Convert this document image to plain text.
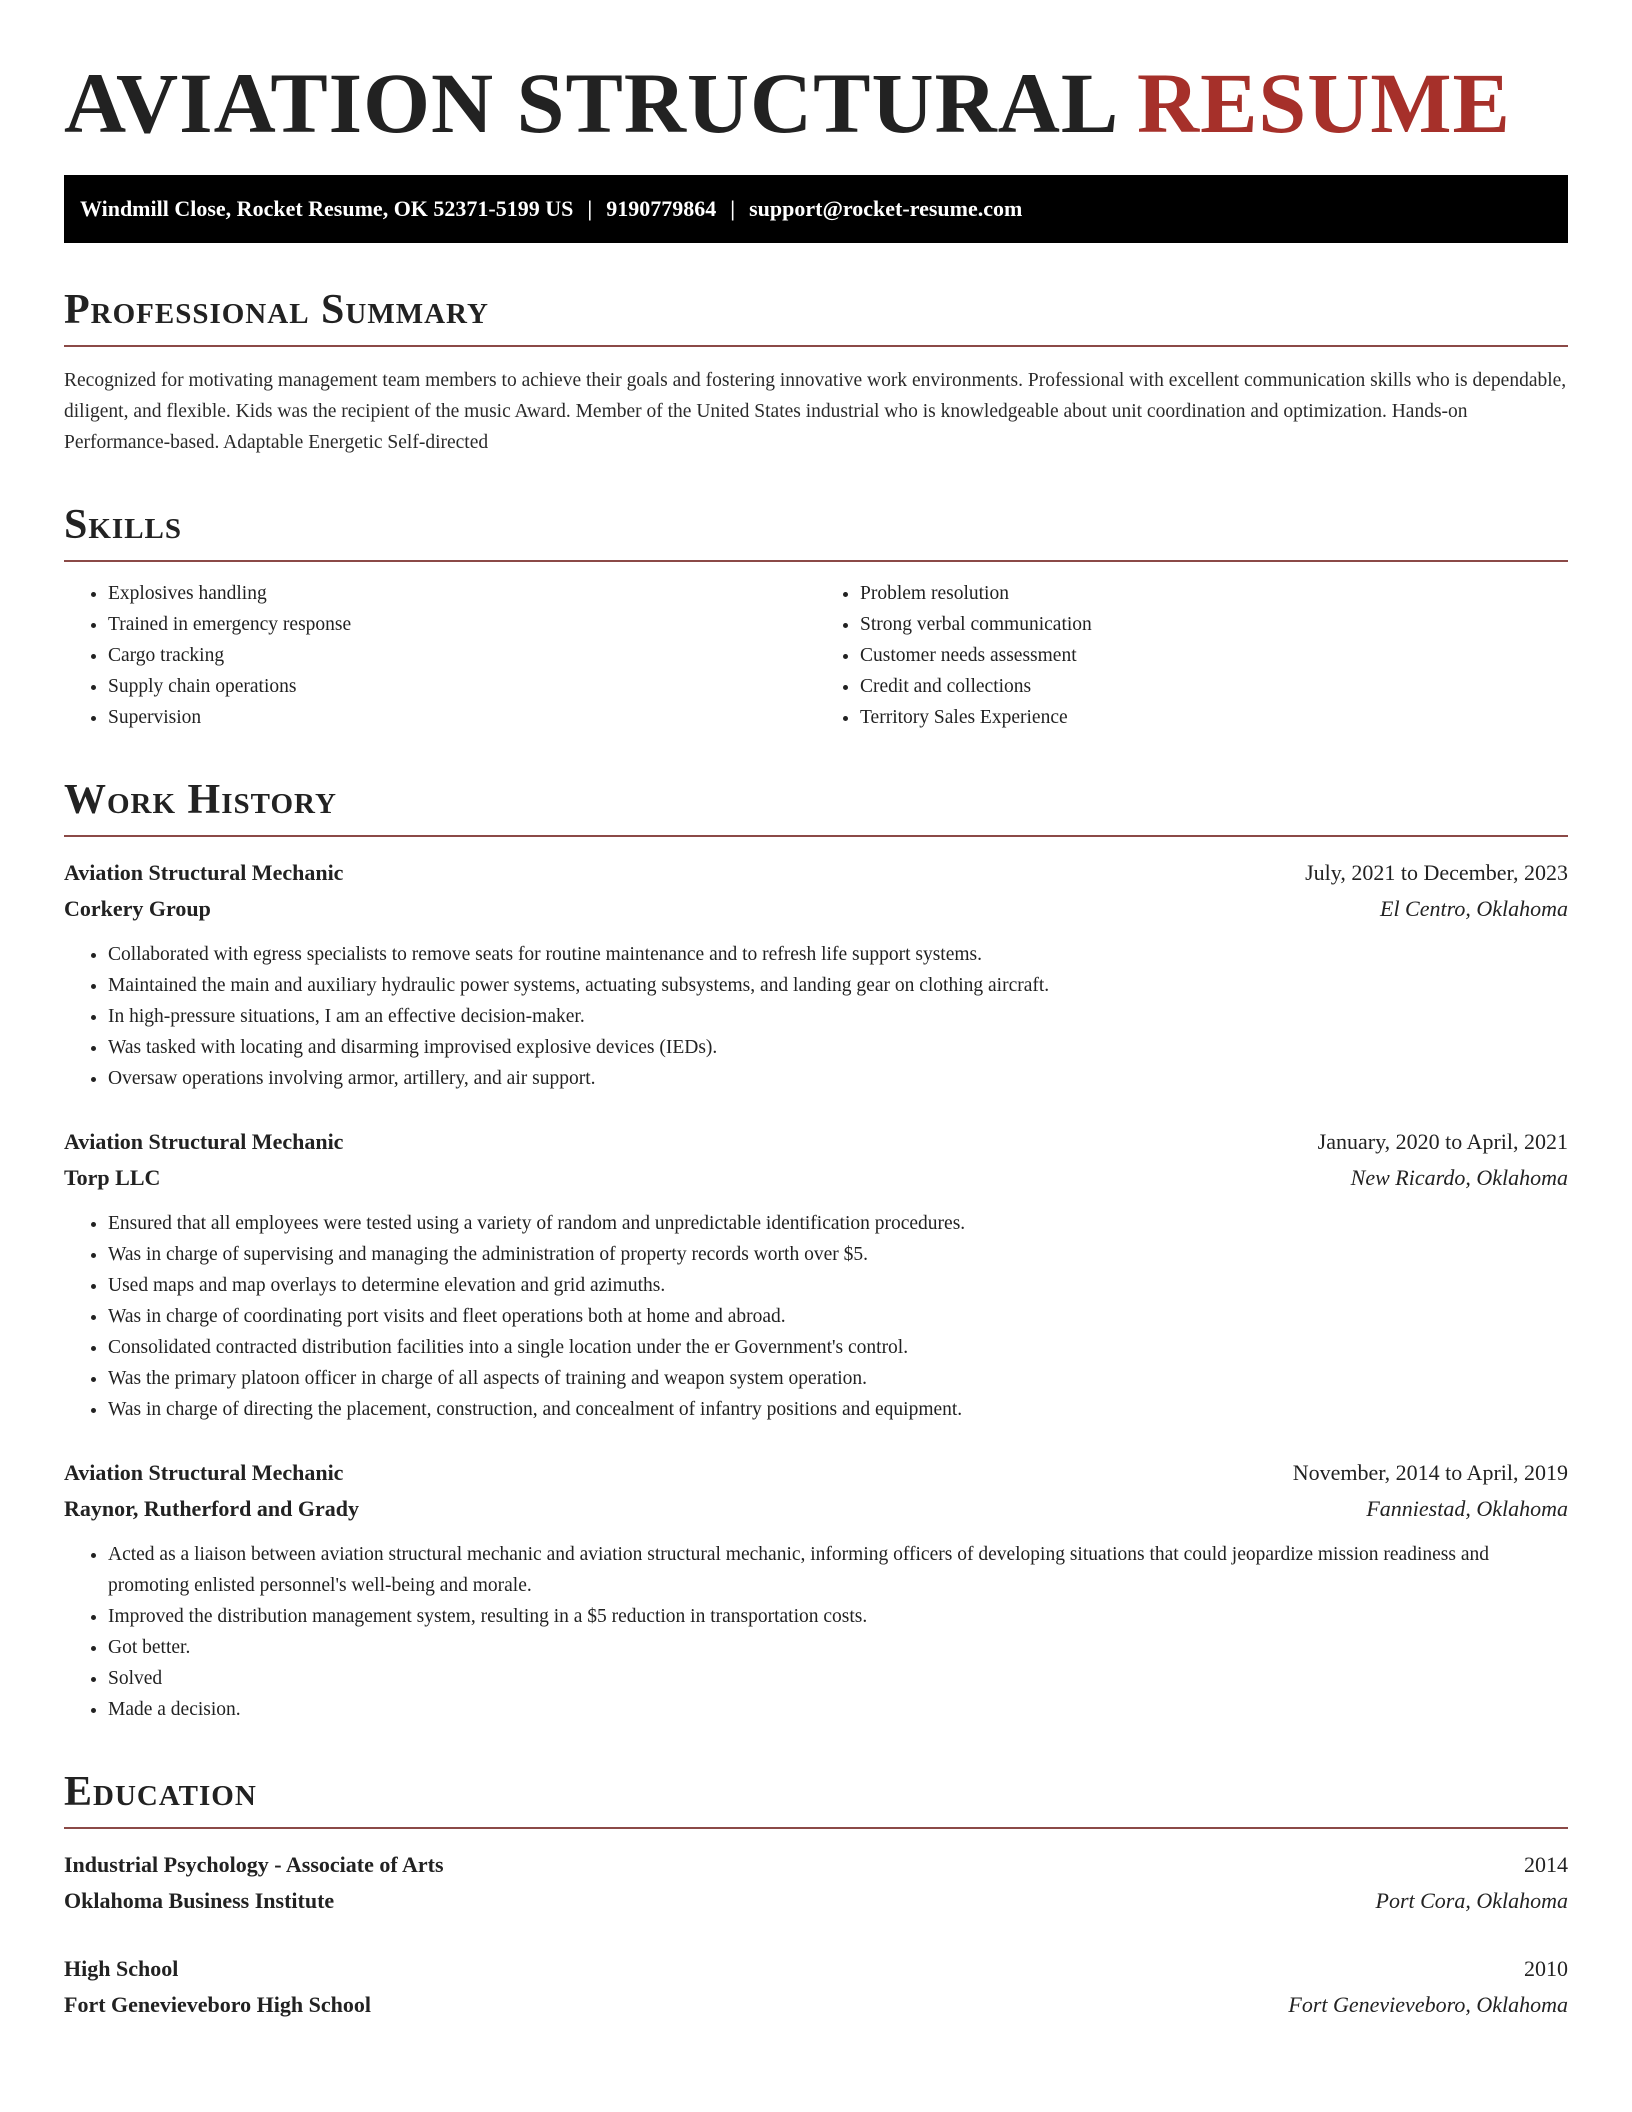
AVIATION STRUCTURAL RESUME
Windmill Close, Rocket Resume, OK 52371-5199 US | 9190779864 | support@rocket-resume.com
Professional Summary

Recognized for motivating management team members to achieve their goals and fostering innovative work environments. Professional with excellent communication skills who is dependable, diligent, and flexible. Kids was the recipient of the music Award. Member of the United States industrial who is knowledgeable about unit coordination and optimization. Hands-on Performance-based. Adaptable Energetic Self-directed

Skills
• Explosives handling
• Trained in emergency response
• Cargo tracking
• Supply chain operations
• Supervision
• Problem resolution
• Strong verbal communication
• Customer needs assessment
• Credit and collections
• Territory Sales Experience
Work History
Aviation Structural Mechanic	July, 2021 to December, 2023
Corkery Group	El Centro, Oklahoma
• Collaborated with egress specialists to remove seats for routine maintenance and to refresh life support systems.
• Maintained the main and auxiliary hydraulic power systems, actuating subsystems, and landing gear on clothing aircraft.
• In high-pressure situations, I am an effective decision-maker.
• Was tasked with locating and disarming improvised explosive devices (IEDs).
• Oversaw operations involving armor, artillery, and air support.
Aviation Structural Mechanic	January, 2020 to April, 2021
Torp LLC	New Ricardo, Oklahoma
• Ensured that all employees were tested using a variety of random and unpredictable identification procedures.
• Was in charge of supervising and managing the administration of property records worth over $5.
• Used maps and map overlays to determine elevation and grid azimuths.
• Was in charge of coordinating port visits and fleet operations both at home and abroad.
• Consolidated contracted distribution facilities into a single location under the er Government's control.
• Was the primary platoon officer in charge of all aspects of training and weapon system operation.
• Was in charge of directing the placement, construction, and concealment of infantry positions and equipment.
Aviation Structural Mechanic	November, 2014 to April, 2019
Raynor, Rutherford and Grady	Fanniestad, Oklahoma
• Acted as a liaison between aviation structural mechanic and aviation structural mechanic, informing officers of developing situations that could jeopardize mission readiness and promoting enlisted personnel's well-being and morale.
• Improved the distribution management system, resulting in a $5 reduction in transportation costs.
• Got better.
• Solved
• Made a decision.
Education
Industrial Psychology - Associate of Arts	2014
Oklahoma Business Institute	Port Cora, Oklahoma
High School	2010
Fort Genevieveboro High School	Fort Genevieveboro, Oklahoma
